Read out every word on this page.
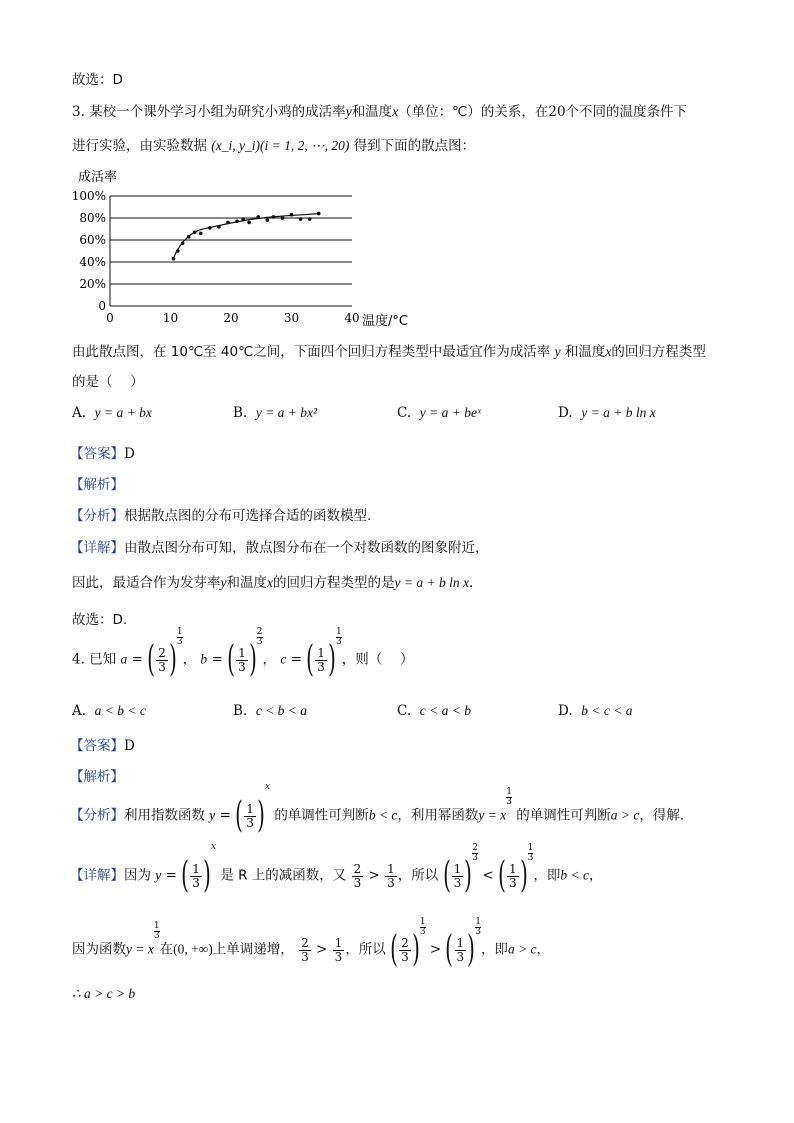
故选：D
3. 某校一个课外学习小组为研究小鸡的成活率y和温度x（单位：℃）的关系，在20个不同的温度条件下
进行实验，由实验数据 (x_i, y_i)(i = 1, 2, ⋯, 20) 得到下面的散点图：
成活率
0
20%
40%
60%
80%
100%
0	10	20	30	40 温度/°C
由此散点图，在 10℃至 40℃之间，下面四个回归方程类型中最适宜作为成活率 y 和温度x的回归方程类型
的是（　 ）
A. y = a + bx	B. y = a + bx²	C. y = a + beˣ	D. y = a + b ln x
【答案】D
【解析】
【分析】根据散点图的分布可选择合适的函数模型.
【详解】由散点图分布可知，散点图分布在一个对数函数的图象附近，
因此，最适合作为发芽率y和温度x的回归方程类型的是y = a + b ln x.
故选：D.
4. 已知 a = ( $\frac{2}{3}$ )
$\frac{1}{3}$
， b = ( $\frac{1}{3}$ )
$\frac{2}{3}$
， c = ( $\frac{1}{3}$ )
$\frac{1}{3}$
，则（　 ）
A. a < b < c	B. c < b < a	C. c < a < b	D. b < c < a
【答案】D
【解析】
【分析】利用指数函数 y = ( $\frac{1}{3} )x$ 的单调性可判断b < c，利用幂函数y = x
$\frac{1}{3}$
的单调性可判断a > c，得解.
【详解】因为 y = ( $\frac{1}{3} )x$ 是 R 上的减函数，又 $\frac{2}{3} > \frac{1}{3}$ ，所以 ( $\frac{1}{3}$ )
$\frac{2}{3}$
< ( $\frac{1}{3}$ )
$\frac{1}{3}$
，即b < c，
因为函数y = x
$\frac{1}{3}$
在(0, +∞)上单调递增， $\frac{2}{3} > \frac{1}{3}$ ，所以 ( $\frac{2}{3}$ )
$\frac{1}{3}$
> ( $\frac{1}{3}$ )
$\frac{1}{3}$
，即a > c，
∴ a > c > b
